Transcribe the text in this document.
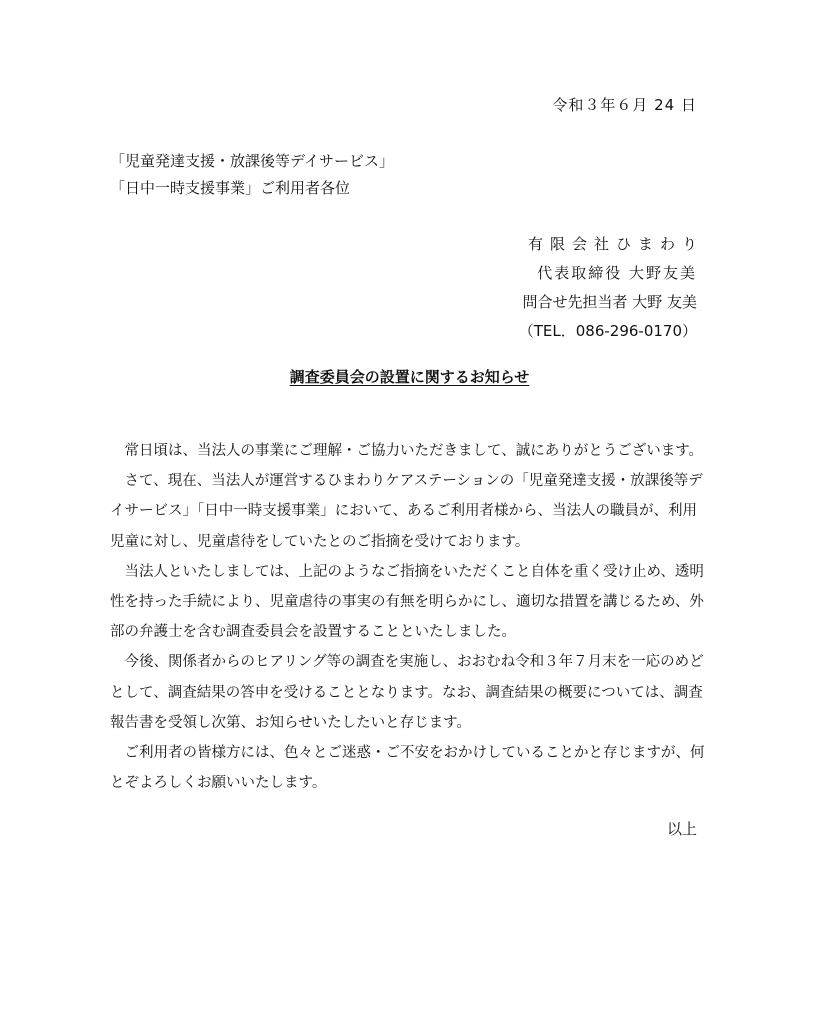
令和３年６月 24 日
「児童発達支援・放課後等デイサービス」
「日中一時支援事業」ご利用者各位
有限会社ひまわり
代表取締役 大野友美
問合せ先担当者 大野 友美
（TEL．086-296-0170）
調査委員会の設置に関するお知らせ

常日頃は、当法人の事業にご理解・ご協力いただきまして、誠にありがとうございます。

さて、現在、当法人が運営するひまわりケアステーションの「児童発達支援・放課後等デイサービス」「日中一時支援事業」において、あるご利用者様から、当法人の職員が、利用児童に対し、児童虐待をしていたとのご指摘を受けております。

当法人といたしましては、上記のようなご指摘をいただくこと自体を重く受け止め、透明性を持った手続により、児童虐待の事実の有無を明らかにし、適切な措置を講じるため、外部の弁護士を含む調査委員会を設置することといたしました。

今後、関係者からのヒアリング等の調査を実施し、おおむね令和３年７月末を一応のめどとして、調査結果の答申を受けることとなります。なお、調査結果の概要については、調査報告書を受領し次第、お知らせいたしたいと存じます。

ご利用者の皆様方には、色々とご迷惑・ご不安をおかけしていることかと存じますが、何とぞよろしくお願いいたします。

以上
